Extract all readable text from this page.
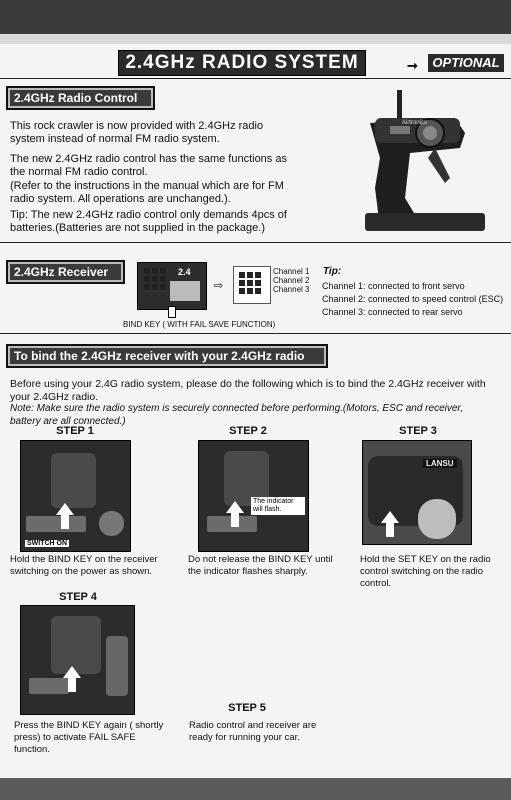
2.4GHz RADIO SYSTEM	➞	OPTIONAL
2.4GHz Radio Control
This rock crawler is now provided with 2.4GHz radio system instead of normal FM radio system.
The new 2.4GHz radio control has the same functions as the normal FM radio control.
(Refer to the instructions in the manual which are for FM radio system. All operations are unchanged.).
Tip: The new 2.4GHz radio control only demands 4pcs of batteries.(Batteries are not supplied in the package.)
Airtronics
2.4GHz Receiver	2.4
⇨
Channel 1
Channel 2
Channel 3
BIND KEY ( WITH FAIL SAVE FUNCTION)
Tip:
Channel 1: connected to front servo
Channel 2: connected to speed control (ESC)
Channel 3: connected to rear servo
To bind the 2.4GHz receiver with your 2.4GHz radio
Before using your 2.4G radio system, please do the following which is to bind the 2.4GHz receiver with your 2.4GHz radio.
Note: Make sure the radio system is securely connected before performing.(Motors, ESC and receiver, battery are all connected.)
STEP 1
SWITCH ON
Hold the BIND KEY on the receiver switching on the power as shown.
STEP 2
The indicator will flash.
Do not release the BIND KEY until the indicator flashes sharply.
STEP 3
LANSU
Hold the SET KEY on the radio control switching on the radio control.
STEP 4
Press the BIND KEY again ( shortly press) to activate FAIL SAFE function.
STEP 5
Radio control and receiver are ready for running your car.
